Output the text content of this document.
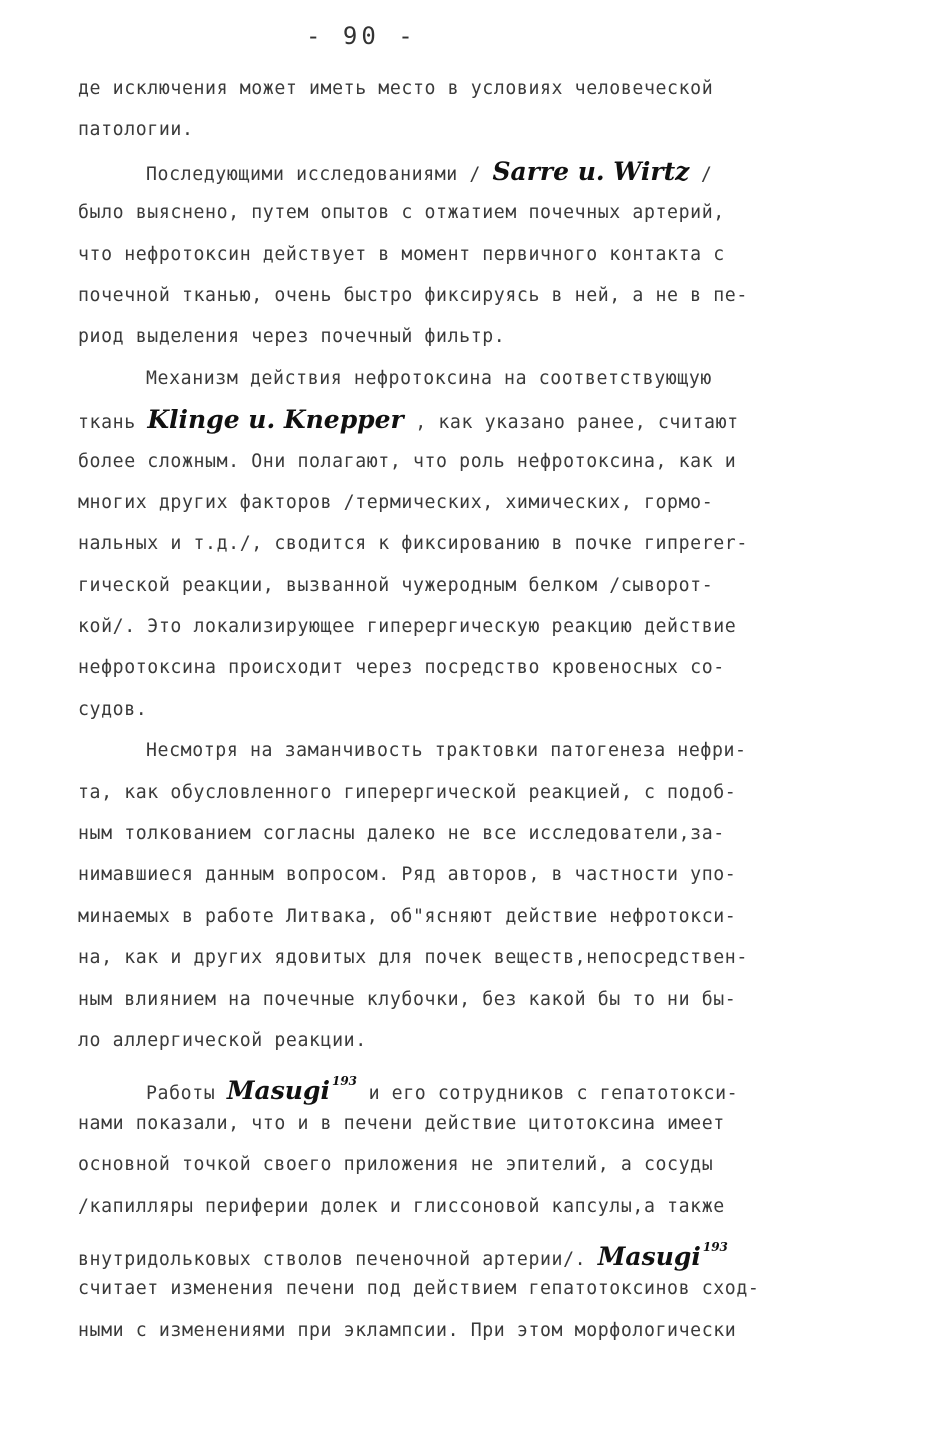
- 90 -
де исключения может иметь место в условиях человеческой
патологии.
Последующими исследованиями / Sarre u. Wirtz /
было выяснено, путем опытов с отжатием почечных артерий,
что нефротоксин действует в момент первичного контакта с
почечной тканью, очень быстро фиксируясь в ней, а не в пе-
риод выделения через почечный фильтр.
Механизм действия нефротоксина на соответствующую
ткань Klinge u. Knepper , как указано ранее, считают
более сложным. Они полагают, что роль нефротоксина, как и
многих других факторов /термических, химических, гормо-
нальных и т.д./, сводится к фиксированию в почке гипperer-
гической реакции, вызванной чужеродным белком /сыворот-
кой/. Это локализирующее гиперергическую реакцию действие
нефротоксина происходит через посредство кровеносных со-
судов.
Несмотря на заманчивость трактовки патогенеза нефри-
та, как обусловленного гиперергической реакцией, с подоб-
ным толкованием согласны далеко не все исследователи,за-
нимавшиеся данным вопросом. Ряд авторов, в частности упо-
минаемых в работе Литвака, об"ясняют действие нефротокси-
на, как и других ядовитых для почек веществ,непосредствен-
ным влиянием на почечные клубочки, без какой бы то ни бы-
ло аллергической реакции.
Работы Masugi $^{193}$ и его сотрудников с гепатотокси-
нами показали, что и в печени действие цитотоксина имеет
основной точкой своего приложения не эпителий, а сосуды
/капилляры периферии долек и глиссоновой капсулы,а также
внутридольковых стволов печеночной артерии/. Masugi $^{193}$
считает изменения печени под действием гепатотоксинов сход-
ными с изменениями при эклампсии. При этом морфологически
